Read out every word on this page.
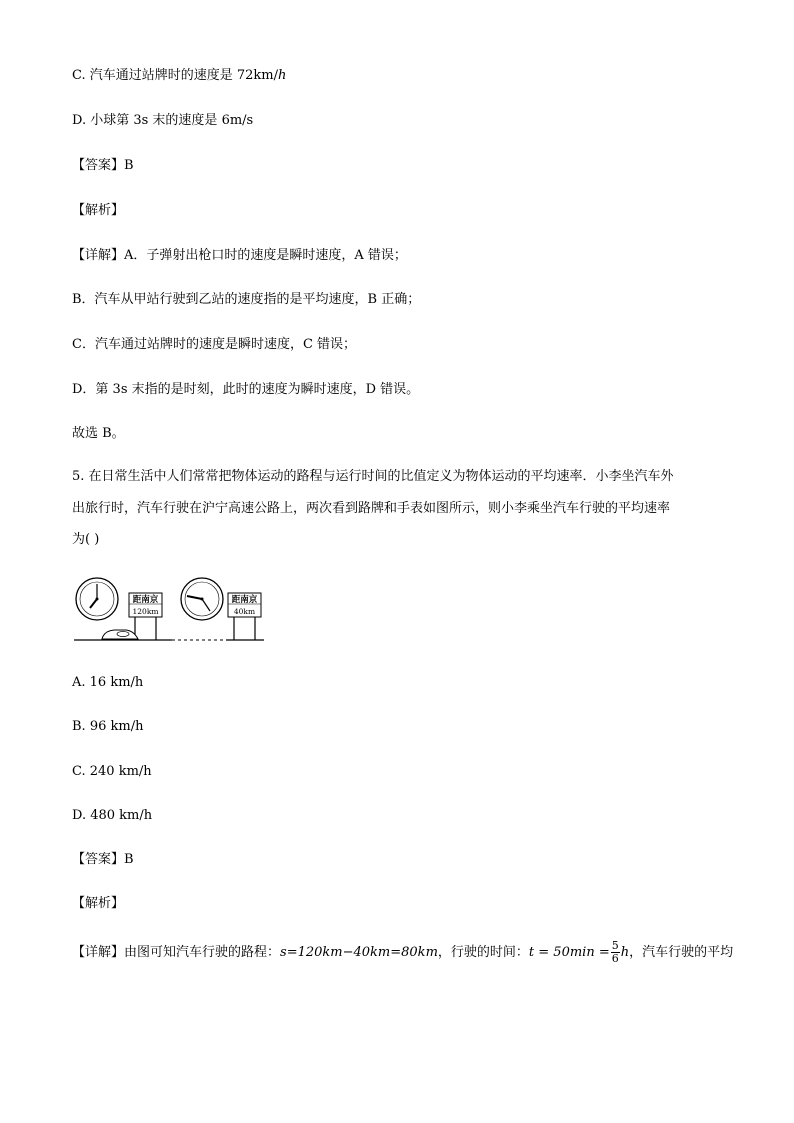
C. 汽车通过站牌时的速度是 72km/h
D. 小球第 3s 末的速度是 6m/s
【答案】B
【解析】
【详解】A．子弹射出枪口时的速度是瞬时速度，A 错误；
B．汽车从甲站行驶到乙站的速度指的是平均速度，B 正确；
C．汽车通过站牌时的速度是瞬时速度，C 错误；
D．第 3s 末指的是时刻，此时的速度为瞬时速度，D 错误。
故选 B。
5. 在日常生活中人们常常把物体运动的路程与运行时间的比值定义为物体运动的平均速率．小李坐汽车外
出旅行时，汽车行驶在沪宁高速公路上，两次看到路牌和手表如图所示，则小李乘坐汽车行驶的平均速率
为( )
距南京
120km
距南京
40km
A. 16 km/h
B. 96 km/h
C. 240 km/h
D. 480 km/h
【答案】B
【解析】
【详解】由图可知汽车行驶的路程：s=120km−40km=80km，行驶的时间：$t = 50\min = \frac{5}{6}$ h，汽车行驶的平均
